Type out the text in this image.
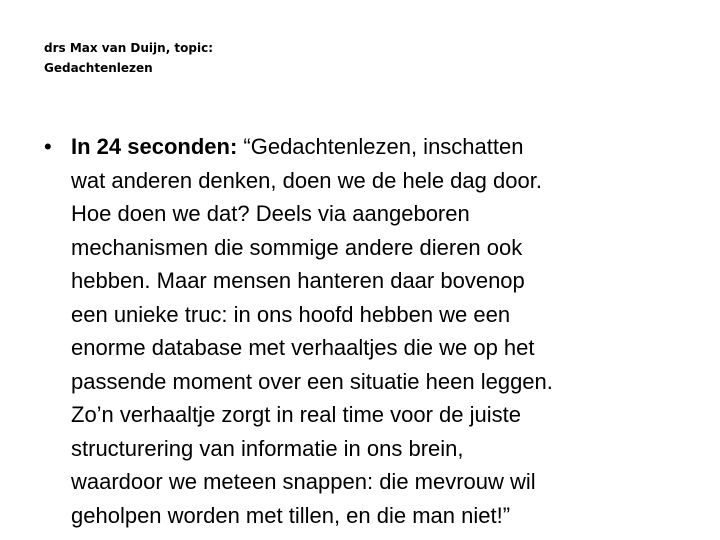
drs Max van Duijn, topic:
Gedachtenlezen
• In 24 seconden: “Gedachtenlezen, inschatten
wat anderen denken, doen we de hele dag door.
Hoe doen we dat? Deels via aangeboren
mechanismen die sommige andere dieren ook
hebben. Maar mensen hanteren daar bovenop
een unieke truc: in ons hoofd hebben we een
enorme database met verhaaltjes die we op het
passende moment over een situatie heen leggen.
Zo’n verhaaltje zorgt in real time voor de juiste
structurering van informatie in ons brein,
waardoor we meteen snappen: die mevrouw wil
geholpen worden met tillen, en die man niet!”
